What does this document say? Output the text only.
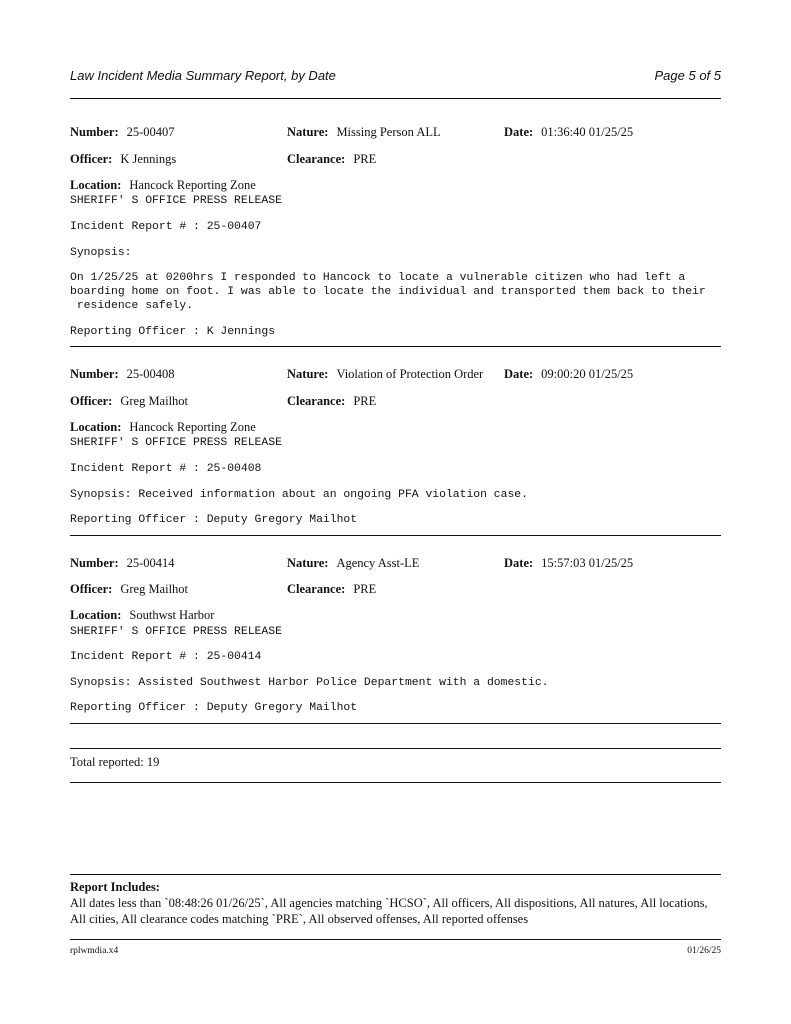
Law Incident Media Summary Report, by Date	Page 5 of 5
Number: 25-00407	Nature: Missing Person ALL	Date: 01:36:40 01/25/25
Officer: K Jennings	Clearance: PRE
Location: Hancock Reporting Zone
SHERIFF' S OFFICE PRESS RELEASE
Incident Report # : 25-00407
Synopsis:
On 1/25/25 at 0200hrs I responded to Hancock to locate a vulnerable citizen who had left a
boarding home on foot. I was able to locate the individual and transported them back to their
residence safely.
Reporting Officer : K Jennings
Number: 25-00408	Nature: Violation of Protection Order Date: 09:00:20 01/25/25
Officer: Greg Mailhot	Clearance: PRE
Location: Hancock Reporting Zone
SHERIFF' S OFFICE PRESS RELEASE
Incident Report # : 25-00408
Synopsis: Received information about an ongoing PFA violation case.
Reporting Officer : Deputy Gregory Mailhot
Number: 25-00414	Nature: Agency Asst-LE	Date: 15:57:03 01/25/25
Officer: Greg Mailhot	Clearance: PRE
Location: Southwst Harbor
SHERIFF' S OFFICE PRESS RELEASE
Incident Report # : 25-00414
Synopsis: Assisted Southwest Harbor Police Department with a domestic.
Reporting Officer : Deputy Gregory Mailhot
Total reported: 19
Report Includes:
All dates less than `08:48:26 01/26/25`, All agencies matching `HCSO`, All officers, All dispositions, All natures, All locations, All cities, All clearance codes matching `PRE`, All observed offenses, All reported offenses
rplwmdia.x4	01/26/25
